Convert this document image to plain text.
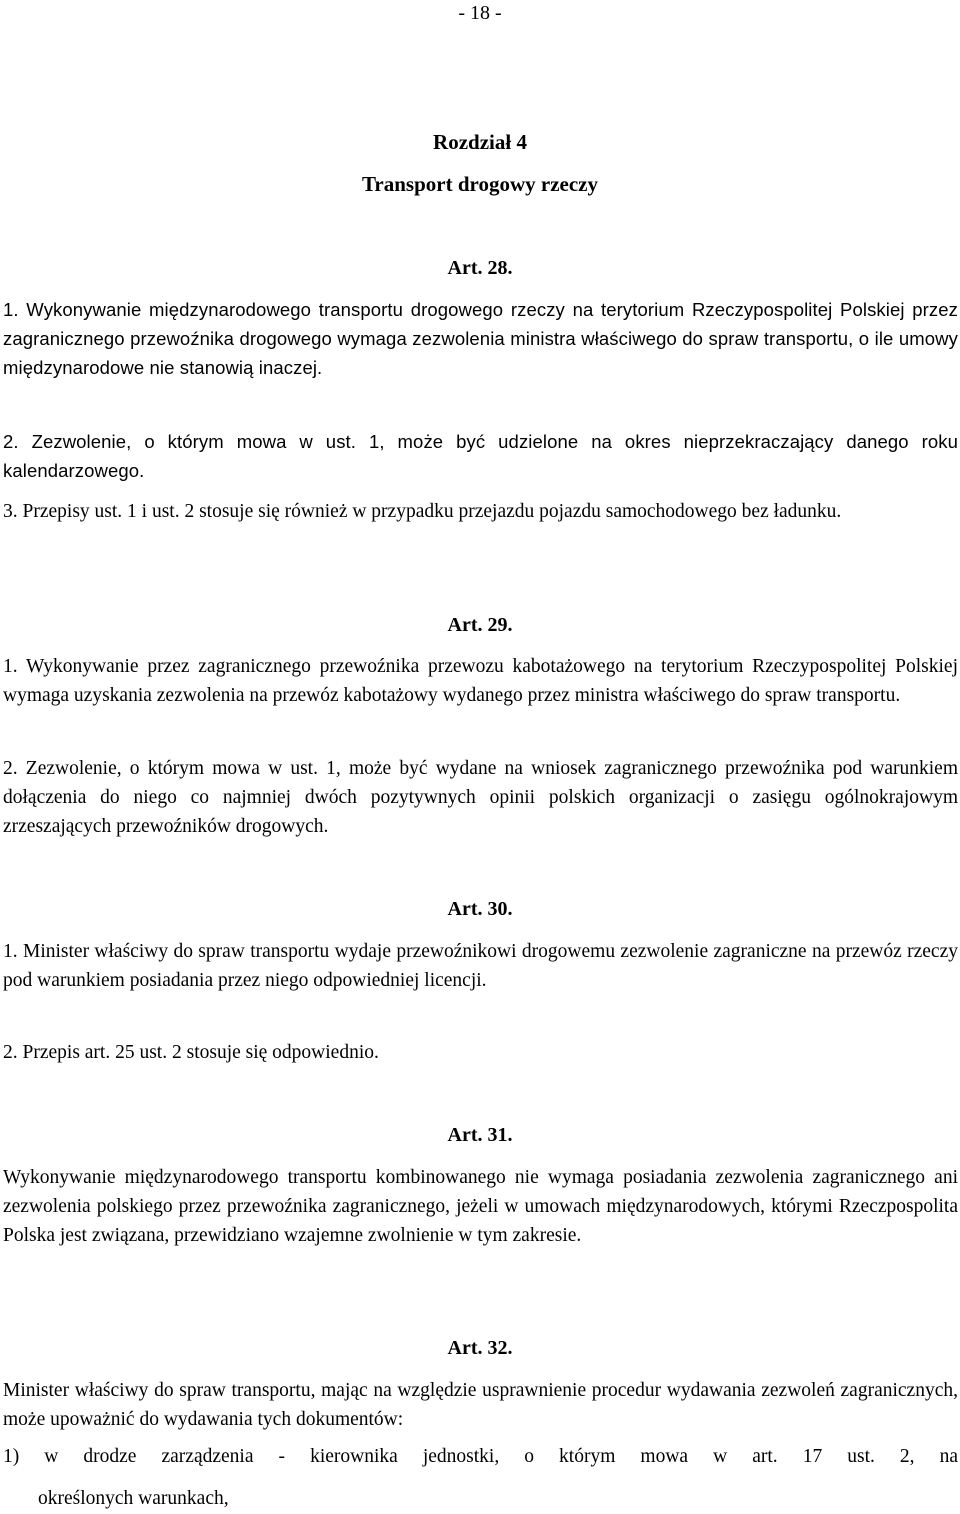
- 18 -
Rozdział 4
Transport drogowy rzeczy
Art. 28.
1. Wykonywanie międzynarodowego transportu drogowego rzeczy na terytorium Rzeczypospolitej Polskiej przez zagranicznego przewoźnika drogowego wymaga zezwolenia ministra właściwego do spraw transportu, o ile umowy międzynarodowe nie stanowią inaczej.
2. Zezwolenie, o którym mowa w ust. 1, może być udzielone na okres nieprzekraczający danego roku kalendarzowego.
3. Przepisy ust. 1 i ust. 2 stosuje się również w przypadku przejazdu pojazdu samochodowego bez ładunku.
Art. 29.
1. Wykonywanie przez zagranicznego przewoźnika przewozu kabotażowego na terytorium Rzeczypospolitej Polskiej wymaga uzyskania zezwolenia na przewóz kabotażowy wydanego przez ministra właściwego do spraw transportu.
2. Zezwolenie, o którym mowa w ust. 1, może być wydane na wniosek zagranicznego przewoźnika pod warunkiem dołączenia do niego co najmniej dwóch pozytywnych opinii polskich organizacji o zasięgu ogólnokrajowym zrzeszających przewoźników drogowych.
Art. 30.
1. Minister właściwy do spraw transportu wydaje przewoźnikowi drogowemu zezwolenie zagraniczne na przewóz rzeczy pod warunkiem posiadania przez niego odpowiedniej licencji.
2. Przepis art. 25 ust. 2 stosuje się odpowiednio.
Art. 31.
Wykonywanie międzynarodowego transportu kombinowanego nie wymaga posiadania zezwolenia zagranicznego ani zezwolenia polskiego przez przewoźnika zagranicznego, jeżeli w umowach międzynarodowych, którymi Rzeczpospolita Polska jest związana, przewidziano wzajemne zwolnienie w tym zakresie.
Art. 32.
Minister właściwy do spraw transportu, mając na względzie usprawnienie procedur wydawania zezwoleń zagranicznych, może upoważnić do wydawania tych dokumentów:
1) w drodze zarządzenia - kierownika jednostki, o którym mowa w art. 17 ust. 2, na
określonych warunkach,
